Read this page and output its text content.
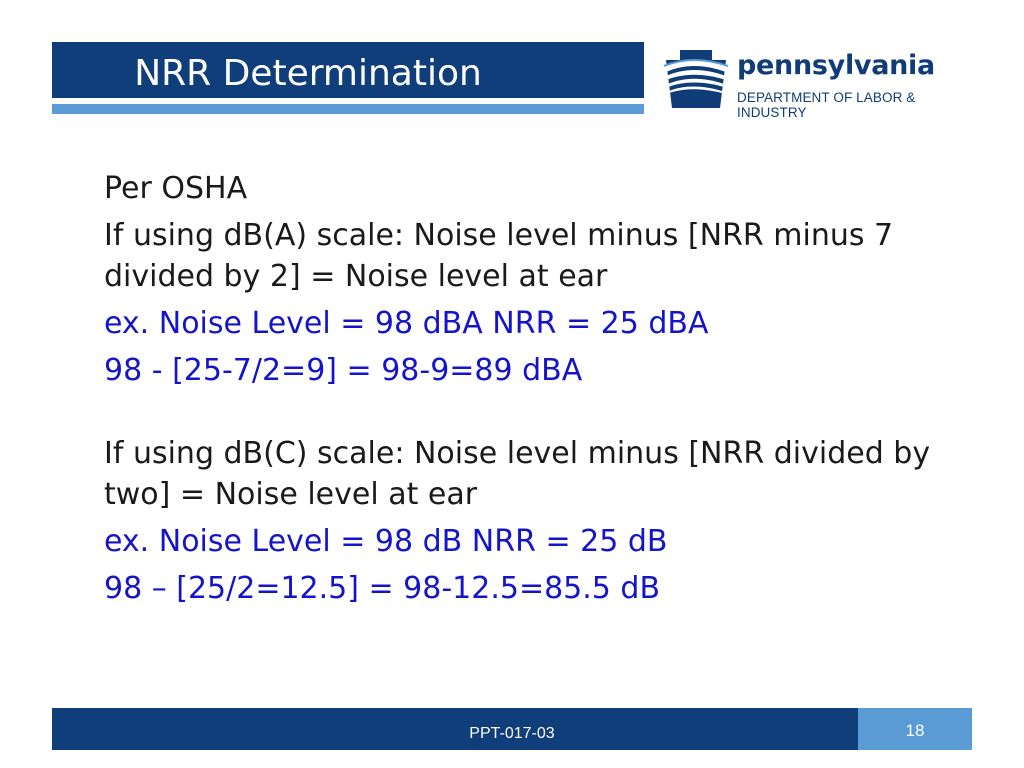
NRR Determination	pennsylvania
DEPARTMENT OF LABOR & INDUSTRY

Per OSHA

If using dB(A) scale: Noise level minus [NRR minus 7 divided by 2] = Noise level at ear

ex. Noise Level = 98 dBA NRR = 25 dBA

98 - [25-7/2=9] = 98-9=89 dBA

If using dB(C) scale: Noise level minus [NRR divided by two] = Noise level at ear

ex. Noise Level = 98 dB NRR = 25 dB

98 – [25/2=12.5] = 98-12.5=85.5 dB

PPT-017-03	18
